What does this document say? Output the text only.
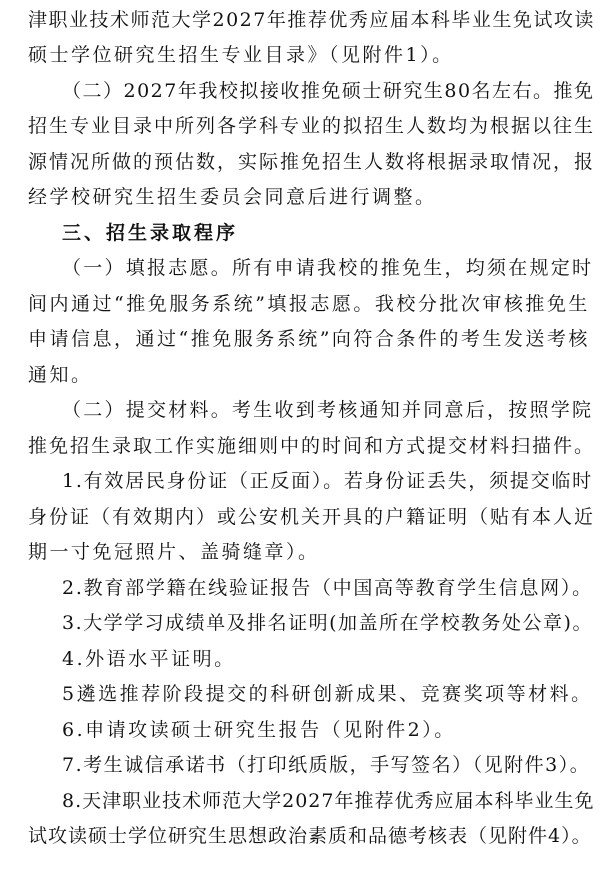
津职业技术师范大学2027年推荐优秀应届本科毕业生免试攻读
硕士学位研究生招生专业目录》（见附件1）。
（二）2027年我校拟接收推免硕士研究生80名左右。推免
招生专业目录中所列各学科专业的拟招生人数均为根据以往生
源情况所做的预估数，实际推免招生人数将根据录取情况，报
经学校研究生招生委员会同意后进行调整。
三、招生录取程序
（一）填报志愿。所有申请我校的推免生，均须在规定时
间内通过“推免服务系统”填报志愿。我校分批次审核推免生
申请信息，通过“推免服务系统”向符合条件的考生发送考核
通知。
（二）提交材料。考生收到考核通知并同意后，按照学院
推免招生录取工作实施细则中的时间和方式提交材料扫描件。
1.有效居民身份证（正反面）。若身份证丢失，须提交临时
身份证（有效期内）或公安机关开具的户籍证明（贴有本人近
期一寸免冠照片、盖骑缝章）。
2.教育部学籍在线验证报告（中国高等教育学生信息网）。
3.大学学习成绩单及排名证明(加盖所在学校教务处公章)。
4.外语水平证明。
5遴选推荐阶段提交的科研创新成果、竞赛奖项等材料。
6.申请攻读硕士研究生报告（见附件2）。
7.考生诚信承诺书（打印纸质版，手写签名）（见附件3）。
8.天津职业技术师范大学2027年推荐优秀应届本科毕业生免
试攻读硕士学位研究生思想政治素质和品德考核表（见附件4）。
